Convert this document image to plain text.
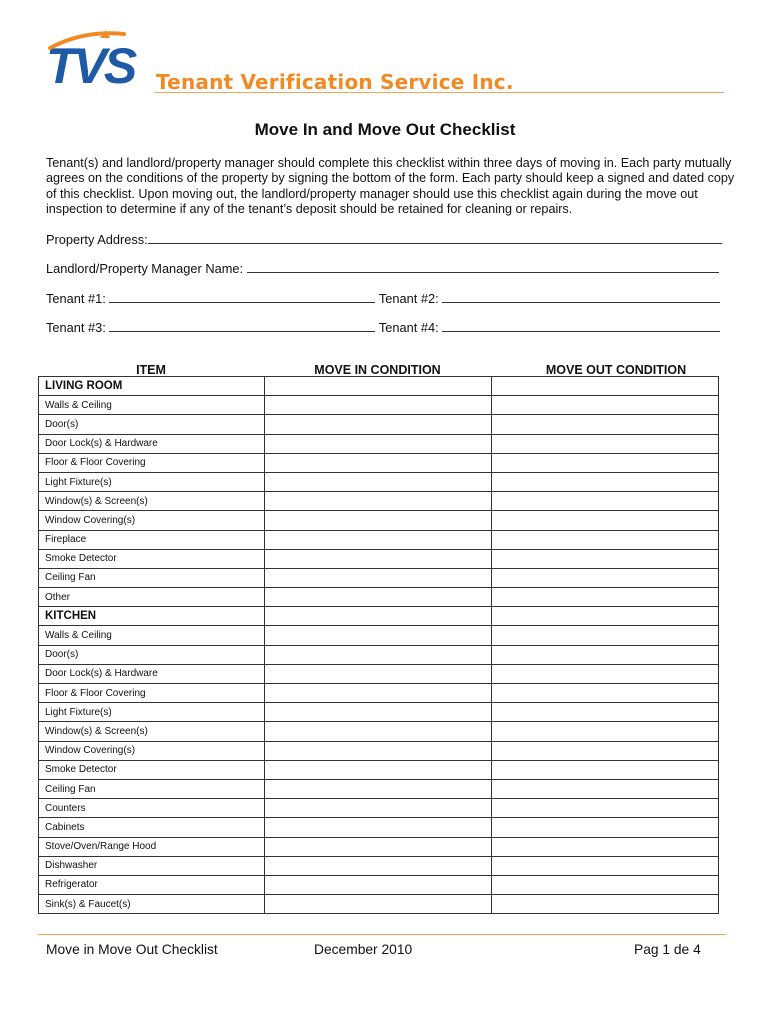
TVS Tenant Verification Service Inc.
Move In and Move Out Checklist
Tenant(s) and landlord/property manager should complete this checklist within three days of moving in. Each party mutually agrees on the conditions of the property by signing the bottom of the form. Each party should keep a signed and dated copy of this checklist. Upon moving out, the landlord/property manager should use this checklist again during the move out inspection to determine if any of the tenant’s deposit should be retained for cleaning or repairs.
Property Address:
Landlord/Property Manager Name:
Tenant #1:	Tenant #2:
Tenant #3:	Tenant #4:
ITEM	MOVE IN CONDITION	MOVE OUT CONDITION
LIVING ROOM		
Walls & Ceiling		
Door(s)		
Door Lock(s) & Hardware		
Floor & Floor Covering		
Light Fixture(s)		
Window(s) & Screen(s)		
Window Covering(s)		
Fireplace		
Smoke Detector		
Ceiling Fan		
Other		
KITCHEN		
Walls & Ceiling		
Door(s)		
Door Lock(s) & Hardware		
Floor & Floor Covering		
Light Fixture(s)		
Window(s) & Screen(s)		
Window Covering(s)		
Smoke Detector		
Ceiling Fan		
Counters		
Cabinets		
Stove/Oven/Range Hood		
Dishwasher		
Refrigerator		
Sink(s) & Faucet(s)		
Move in Move Out Checklist	December 2010	Pag 1 de 4
